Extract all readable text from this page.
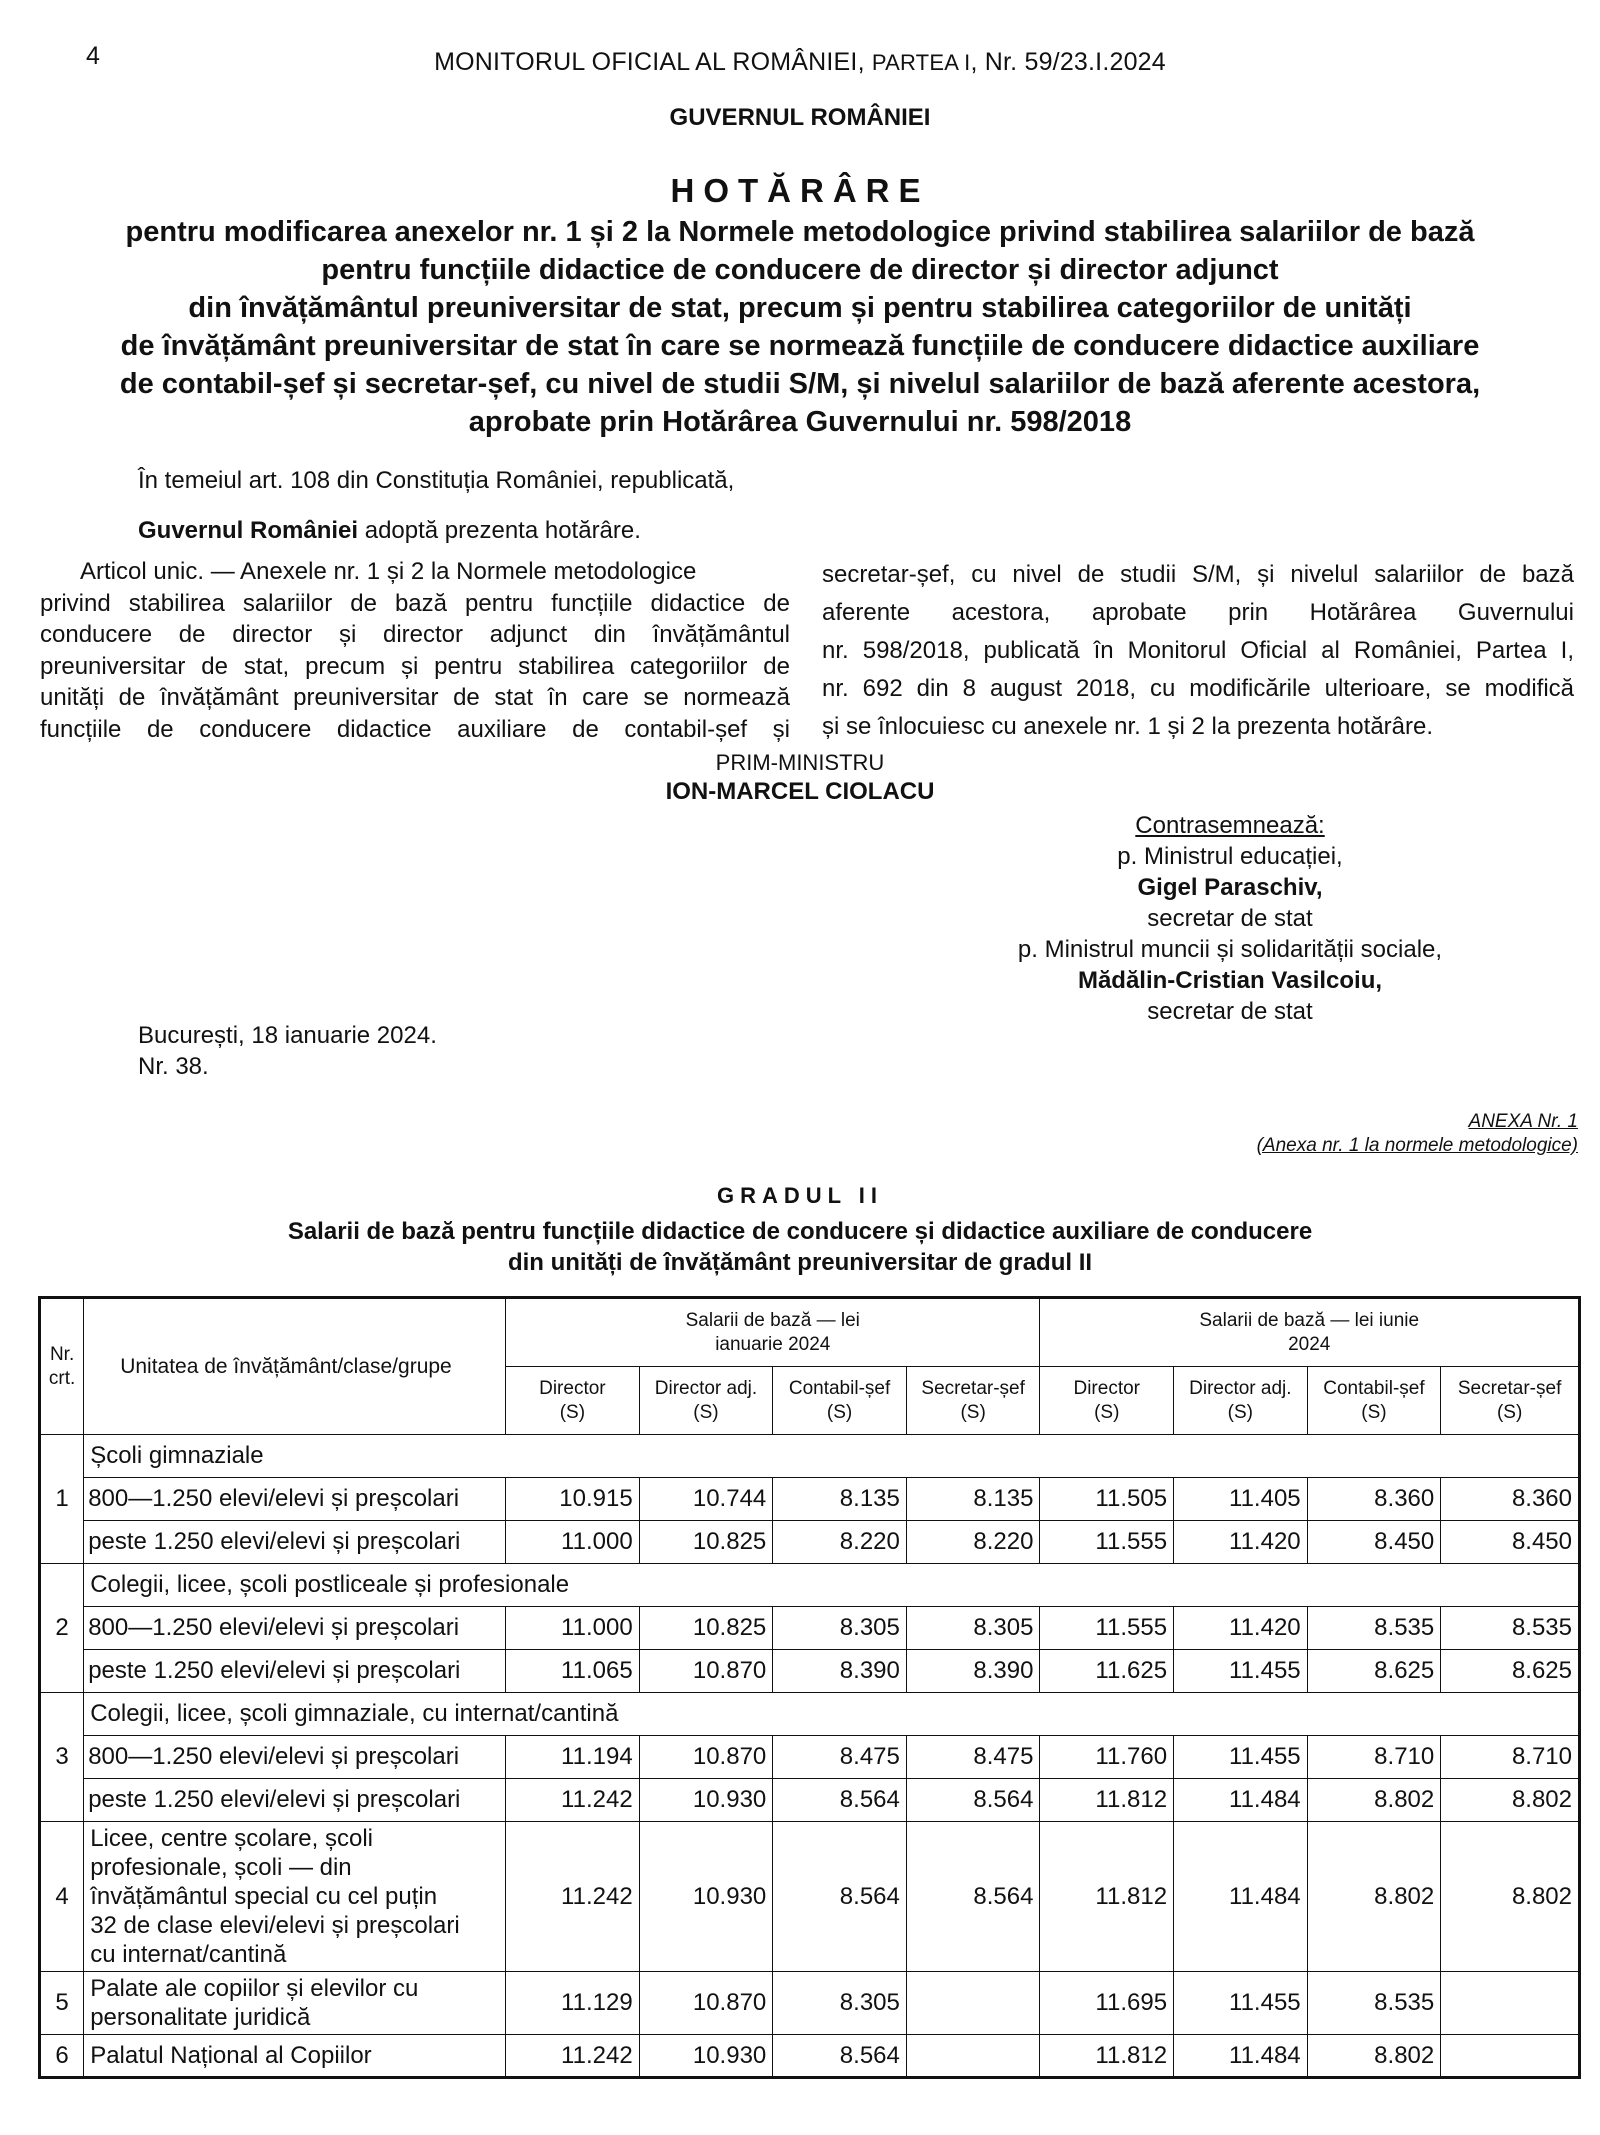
4	MONITORUL OFICIAL AL ROMÂNIEI, PARTEA I, Nr. 59/23.I.2024
GUVERNUL ROMÂNIEI
HOTĂRÂRE
pentru modificarea anexelor nr. 1 și 2 la Normele metodologice privind stabilirea salariilor de bază
pentru funcțiile didactice de conducere de director și director adjunct
din învățământul preuniversitar de stat, precum și pentru stabilirea categoriilor de unități
de învățământ preuniversitar de stat în care se normează funcțiile de conducere didactice auxiliare
de contabil-șef și secretar-șef, cu nivel de studii S/M, și nivelul salariilor de bază aferente acestora,
aprobate prin Hotărârea Guvernului nr. 598/2018
În temeiul art. 108 din Constituția României, republicată,
Guvernul României adoptă prezenta hotărâre.
Articol unic. — Anexele nr. 1 și 2 la Normele metodologice
privind stabilirea salariilor de bază pentru funcțiile didactice de
conducere de director și director adjunct din învățământul
preuniversitar de stat, precum și pentru stabilirea categoriilor de
unități de învățământ preuniversitar de stat în care se normează
funcțiile de conducere didactice auxiliare de contabil-șef și
secretar-șef, cu nivel de studii S/M, și nivelul salariilor de bază
aferente acestora, aprobate prin Hotărârea Guvernului
nr. 598/2018, publicată în Monitorul Oficial al României, Partea I,
nr. 692 din 8 august 2018, cu modificările ulterioare, se modifică
și se înlocuiesc cu anexele nr. 1 și 2 la prezenta hotărâre.
PRIM-MINISTRU
ION-MARCEL CIOLACU
Contrasemnează:
p. Ministrul educației,
Gigel Paraschiv,
secretar de stat
p. Ministrul muncii și solidarității sociale,
Mădălin-Cristian Vasilcoiu,
secretar de stat
București, 18 ianuarie 2024.
Nr. 38.
ANEXA Nr. 1
(Anexa nr. 1 la normele metodologice)
GRADUL II
Salarii de bază pentru funcțiile didactice de conducere și didactice auxiliare de conducere
din unități de învățământ preuniversitar de gradul II
Nr. crt.	Unitatea de învățământ/clase/grupe	Salarii de bază — lei ianuarie 2024				Salarii de bază — lei iunie 2024			
		Director (S)	Director adj. (S)	Contabil-șef (S)	Secretar-șef (S)	Director (S)	Director adj. (S)	Contabil-șef (S)	Secretar-șef (S)
1	Școli gimnaziale								
	800—1.250 elevi/elevi și preșcolari	10.915	10.744	8.135	8.135	11.505	11.405	8.360	8.360
	peste 1.250 elevi/elevi și preșcolari	11.000	10.825	8.220	8.220	11.555	11.420	8.450	8.450
2	Colegii, licee, școli postliceale și profesionale								
	800—1.250 elevi/elevi și preșcolari	11.000	10.825	8.305	8.305	11.555	11.420	8.535	8.535
	peste 1.250 elevi/elevi și preșcolari	11.065	10.870	8.390	8.390	11.625	11.455	8.625	8.625
3	Colegii, licee, școli gimnaziale, cu internat/cantină								
	800—1.250 elevi/elevi și preșcolari	11.194	10.870	8.475	8.475	11.760	11.455	8.710	8.710
	peste 1.250 elevi/elevi și preșcolari	11.242	10.930	8.564	8.564	11.812	11.484	8.802	8.802
4	Licee, centre școlare, școli
profesionale, școli — din
învățământul special cu cel puțin
32 de clase elevi/elevi și preșcolari
cu internat/cantină	11.242	10.930	8.564	8.564	11.812	11.484	8.802	8.802
5	Palate ale copiilor și elevilor cu
personalitate juridică	11.129	10.870	8.305		11.695	11.455	8.535	
6	Palatul Național al Copiilor	11.242	10.930	8.564		11.812	11.484	8.802	
